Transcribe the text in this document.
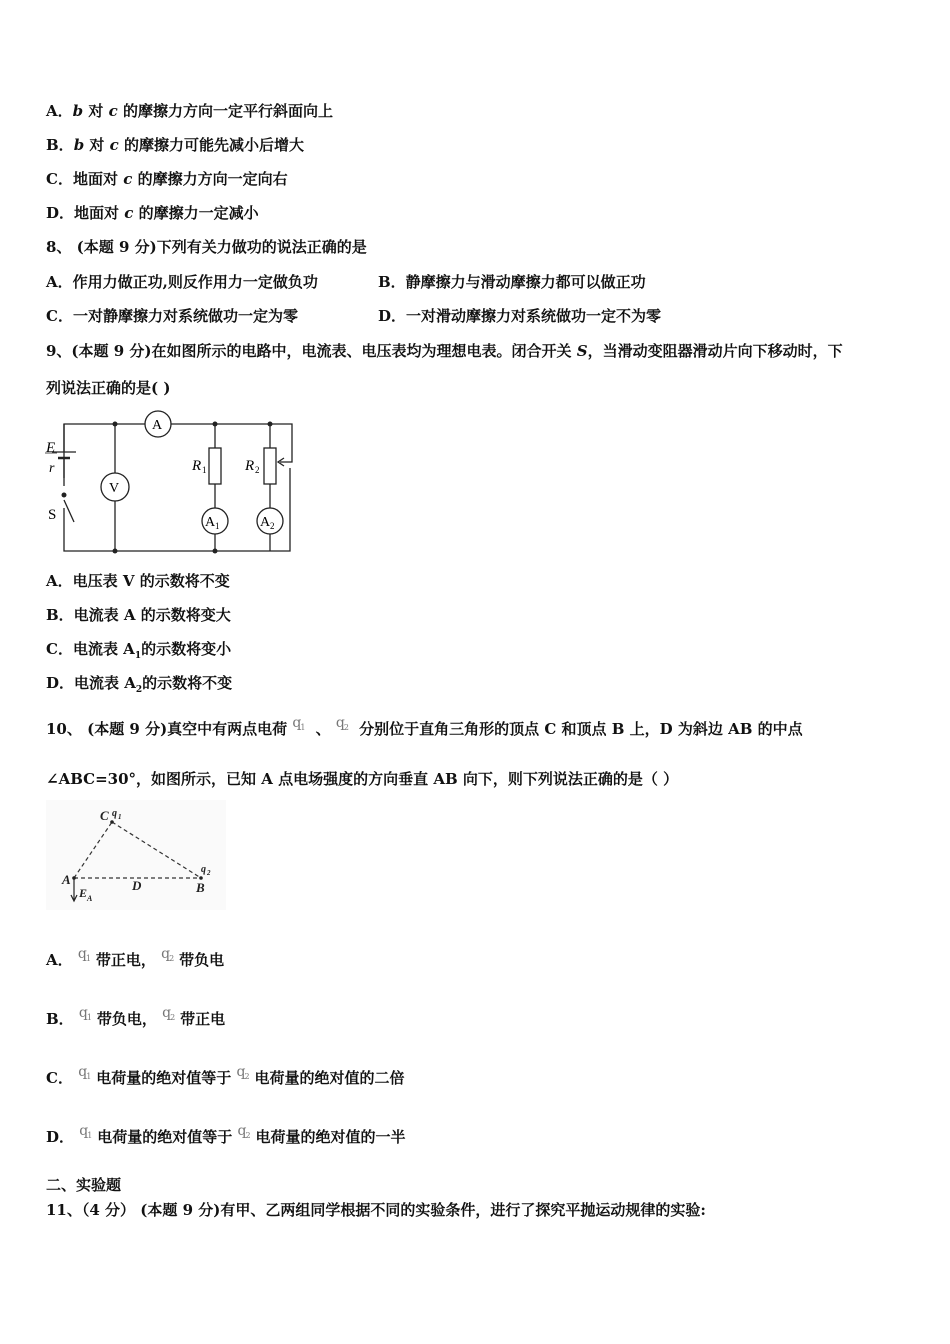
A．b 对 c 的摩擦力方向一定平行斜面向上
B．b 对 c 的摩擦力可能先减小后增大
C．地面对 c 的摩擦力方向一定向右
D．地面对 c 的摩擦力一定减小
8、 (本题 9 分)下列有关力做功的说法正确的是
A．作用力做正功,则反作用力一定做负功	B．静摩擦力与滑动摩擦力都可以做正功
C．一对静摩擦力对系统做功一定为零	D．一对滑动摩擦力对系统做功一定不为零
9、(本题 9 分)在如图所示的电路中，电流表、电压表均为理想电表。闭合开关 S，当滑动变阻器滑动片向下移动时，下
列说法正确的是( )
A
V
A 1	A 2
E
r
S
R 1	R 2
A．电压表 V 的示数将不变
B．电流表 A 的示数将变大
C．电流表 $A_1$的示数将变小
D．电流表 $A_2$的示数将不变
10、 (本题 9 分)真空中有两点电荷 q 1 、 q 2 分别位于直角三角形的顶点 C 和顶点 B 上，D 为斜边 AB 的中点
∠ABC=30°，如图所示，已知 A 点电场强度的方向垂直 AB 向下，则下列说法正确的是（ ）
C q 1
q 2
A	D	B
E A
A． q 1 带正电， q 2 带负电
B． q 1 带负电， q 2 带正电
C． q 1 电荷量的绝对值等于 q 2 电荷量的绝对值的二倍
D． q 1 电荷量的绝对值等于 q 2 电荷量的绝对值的一半
二、实验题
11、（4 分） (本题 9 分)有甲、乙两组同学根据不同的实验条件，进行了探究平抛运动规律的实验:
